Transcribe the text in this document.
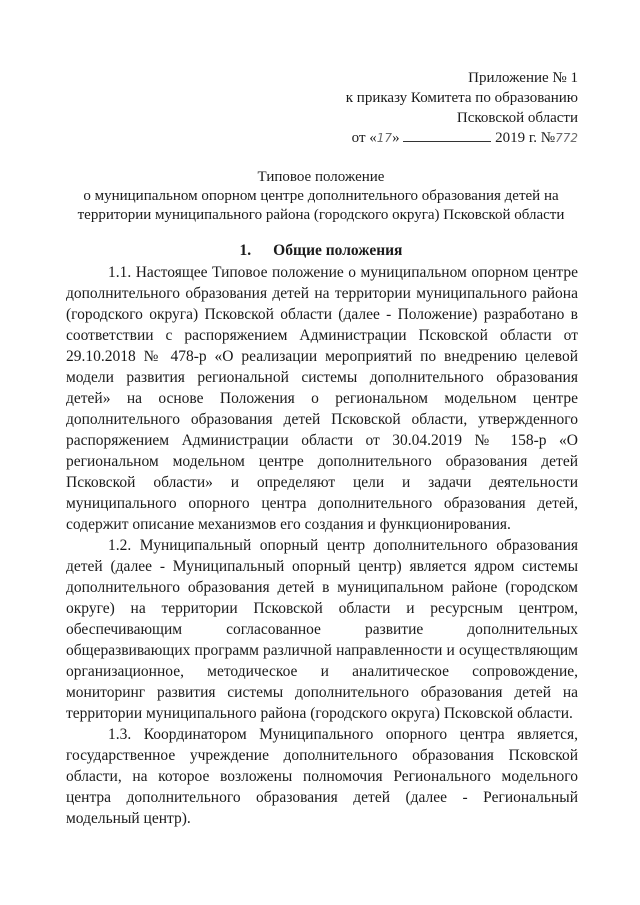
Приложение № 1
к приказу Комитета по образованию
Псковской области
от «17»	2019 г. №772
Типовое положение
о муниципальном опорном центре дополнительного образования детей на
территории муниципального района (городского округа) Псковской области
1. Общие положения

1.1. Настоящее Типовое положение о муниципальном опорном центре дополнительного образования детей на территории муниципального района (городского округа) Псковской области (далее - Положение) разработано в соответствии с распоряжением Администрации Псковской области от 29.10.2018 № 478-р «О реализации мероприятий по внедрению целевой модели развития региональной системы дополнительного образования детей» на основе Положения о региональном модельном центре дополнительного образования детей Псковской области, утвержденного распоряжением Администрации области от 30.04.2019 № 158-р «О региональном модельном центре дополнительного образования детей Псковской области» и определяют цели и задачи деятельности муниципального опорного центра дополнительного образования детей, содержит описание механизмов его создания и функционирования.

1.2. Муниципальный опорный центр дополнительного образования детей (далее - Муниципальный опорный центр) является ядром системы дополнительного образования детей в муниципальном районе (городском округе) на территории Псковской области и ресурсным центром, обеспечивающим согласованное развитие дополнительных общеразвивающих программ различной направленности и осуществляющим организационное, методическое и аналитическое сопровождение, мониторинг развития системы дополнительного образования детей на территории муниципального района (городского округа) Псковской области.

1.3. Координатором Муниципального опорного центра является, государственное учреждение дополнительного образования Псковской области, на которое возложены полномочия Регионального модельного центра дополнительного образования детей (далее - Региональный модельный центр).
